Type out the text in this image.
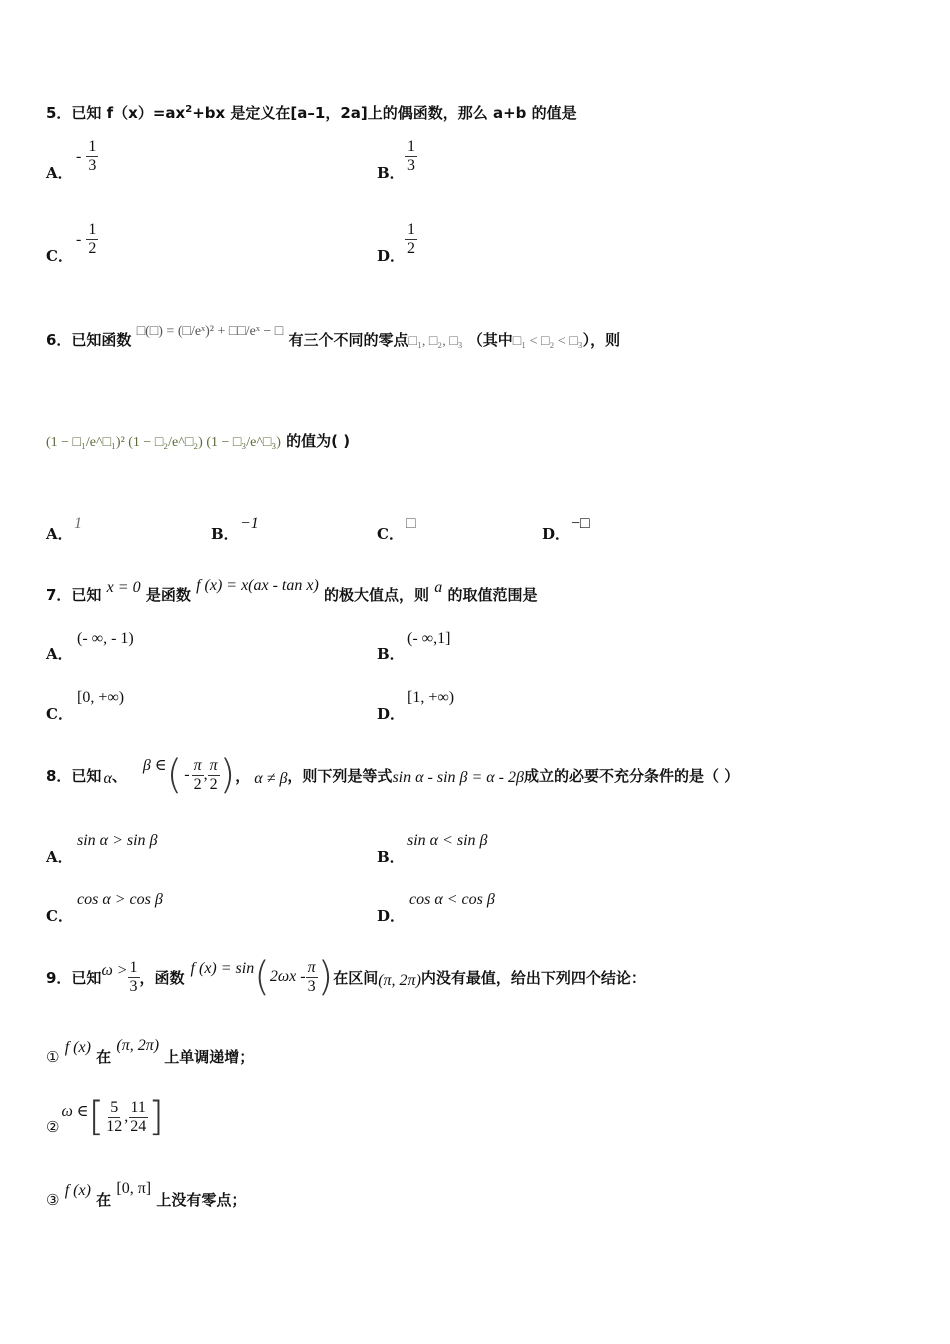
5．已知 $f(x)=ax^2+bx$ 是定义在[a–1，2a]上的偶函数，那么 a+b 的值是
A．
- $\frac{1}{3}$	B． $\frac{1}{3}$
C．
- $\frac{1}{2}$	D． $\frac{1}{2}$
6．已知函数 □(□) = (□/eˣ)² + □□/eˣ − □ 有三个不同的零点□₁, □₂, □₃ （其中□₁ < □₂ < □₃），则
(1 − □₁/e^□₁)² (1 − □₂/e^□₂) (1 − □₃/e^□₃) 的值为( )
A．
1
B．
−1
C．
□
D．
−□
7．已知 x = 0 是函数 f (x) = x(ax - tan x) 的极大值点，则 a 的取值范围是
A．
(- ∞, - 1)
B．
(- ∞,1]
C．
[0, +∞)
D．
[1, +∞)
8．已知 α 、
β ∈ ( - $\frac{\pi}{2}$ , $\frac{\pi}{2}$ ) ， α ≠ β ，则下列是等式 sin α - sin β = α - 2β 成立的必要不充分条件的是（ ）
A．
sin α > sin β
B．
sin α < sin β
C．
cos α > cos β
D．
cos α < cos β
9．已知 $\omega > \frac{1}{3}$ ，函数 f (x) = sin ( $2\omega x - \frac{\pi}{3}$ ) 在区间 (π, 2π) 内没有最值，给出下列四个结论：
① f (x) 在 (π, 2π) 上单调递增；
②
ω ∈ [ $\frac{5}{12}$ , $\frac{11}{24}$ ]
③ f (x) 在 [0, π] 上没有零点；
